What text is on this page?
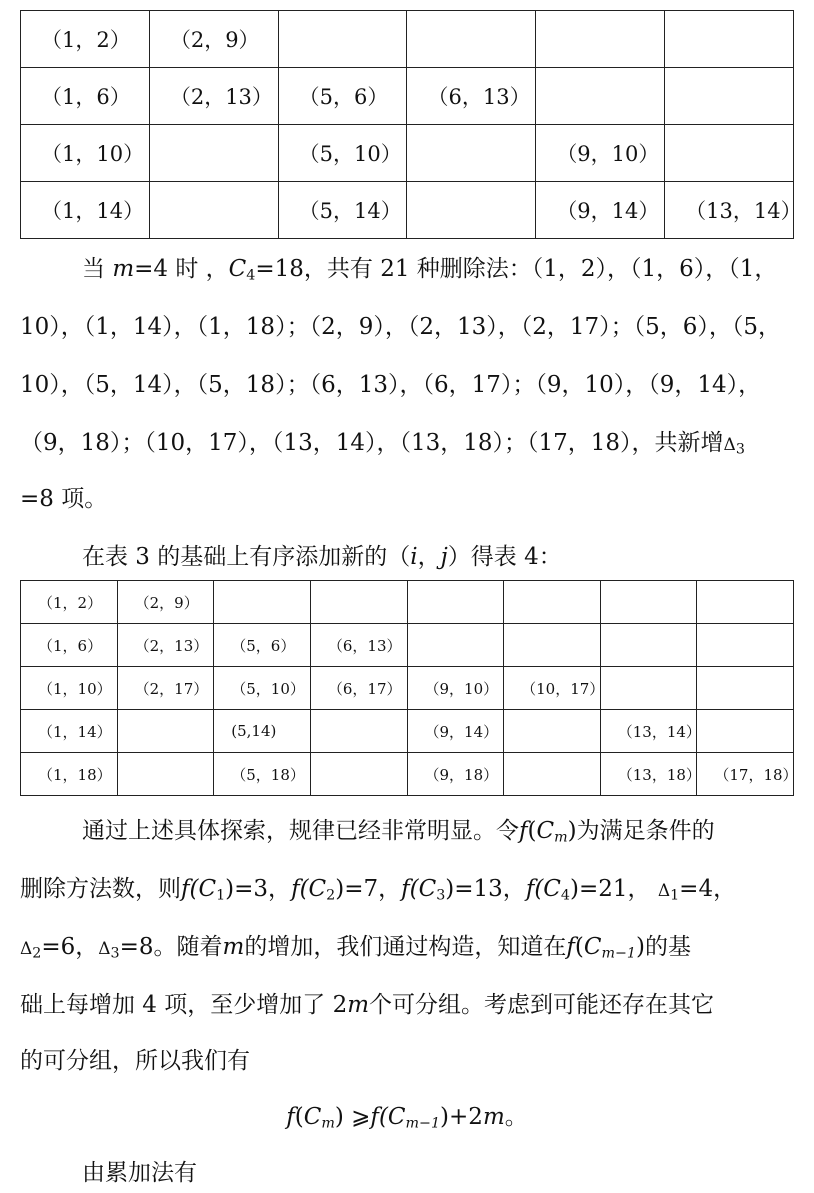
（1，2）	（2，9）				
（1，6）	（2，13）	（5，6）	（6，13）		
（1，10）		（5，10）		（9，10）	
（1，14）		（5，14）		（9，14）	（13，14）

当 m=4 时 ，$C_4=18$，共有 21 种删除法：（1，2），（1，6），（1，

10），（1，14），（1，18）；（2，9），（2，13），（2，17）；（5，6），（5，

10），（5，14），（5，18）；（6，13），（6，17）；（9，10），（9，14），

（9，18）；（10，17），（13，14），（13，18）；（17，18），共新增$\Delta_3$

=8 项。

在表 3 的基础上有序添加新的（i，j）得表 4：

（1，2）	（2，9）						
（1，6）	（2，13）	（5，6）	（6，13）				
（1，10）	（2，17）	（5，10）	（6，17）	（9，10）	（10，17）		
（1，14）		(5,14)		（9，14）		（13，14）	
（1，18）		（5，18）		（9，18）		（13，18）	（17，18）

通过上述具体探索，规律已经非常明显。令$f(C_m)$为满足条件的

删除方法数，则$f(C_1)=3$，$f(C_2)=7$，$f(C_3)=13$，$f(C_4)=21$， $\Delta_1=4$，

$\Delta_2=6$，$\Delta_3=8$。随着m的增加，我们通过构造，知道在$f(C_{m-1})$的基

础上每增加 4 项，至少增加了 2m个可分组。考虑到可能还存在其它

的可分组，所以我们有

$f(C_m)$ $⩾f(C_{m-1})+2m$。

由累加法有
